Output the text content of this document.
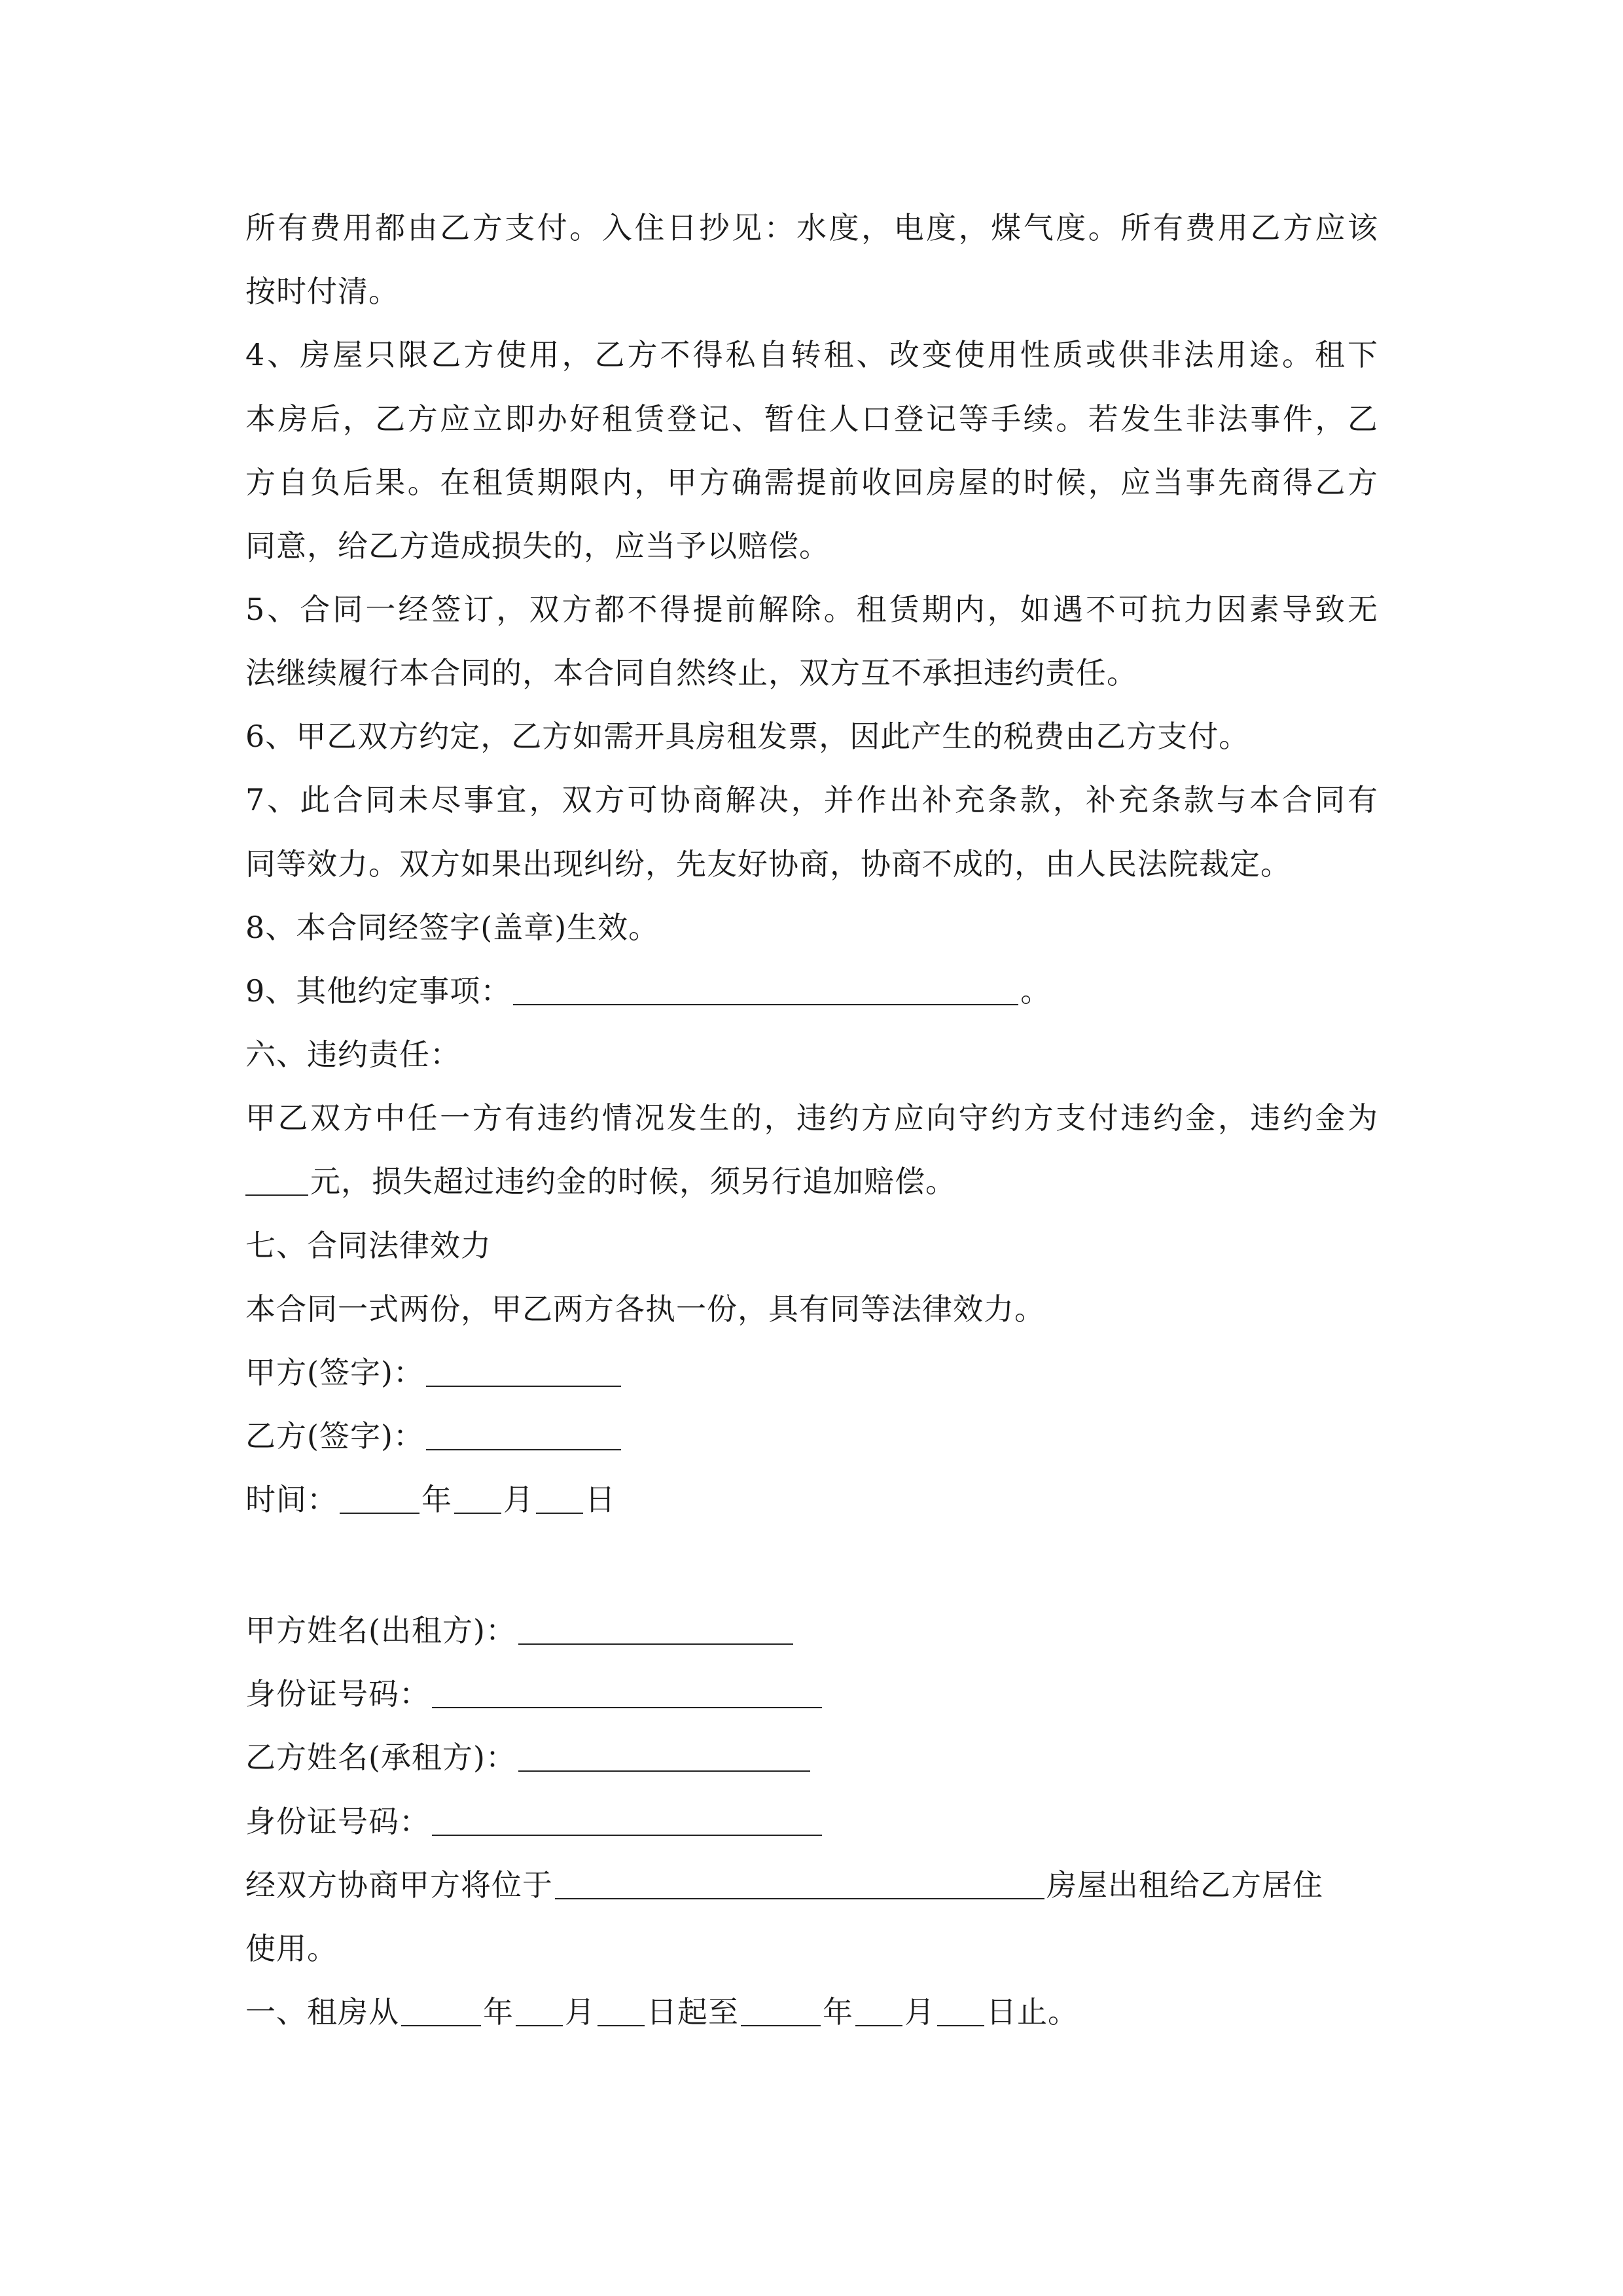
所有费用都由乙方支付。入住日抄见：水度，电度，煤气度。所有费用乙方应该
按时付清。
4、房屋只限乙方使用，乙方不得私自转租、改变使用性质或供非法用途。租下
本房后，乙方应立即办好租赁登记、暂住人口登记等手续。若发生非法事件，乙
方自负后果。在租赁期限内，甲方确需提前收回房屋的时候，应当事先商得乙方
同意，给乙方造成损失的，应当予以赔偿。
5、合同一经签订，双方都不得提前解除。租赁期内，如遇不可抗力因素导致无
法继续履行本合同的，本合同自然终止，双方互不承担违约责任。
6、甲乙双方约定，乙方如需开具房租发票，因此产生的税费由乙方支付。
7、此合同未尽事宜，双方可协商解决，并作出补充条款，补充条款与本合同有
同等效力。双方如果出现纠纷，先友好协商，协商不成的，由人民法院裁定。
8、本合同经签字(盖章)生效。
9、其他约定事项：	。
六、违约责任：
甲乙双方中任一方有违约情况发生的，违约方应向守约方支付违约金，违约金为
元，损失超过违约金的时候，须另行追加赔偿。
七、合同法律效力
本合同一式两份，甲乙两方各执一份，具有同等法律效力。
甲方(签字)：
乙方(签字)：
时间：	年 月 日
甲方姓名(出租方)：
身份证号码：
乙方姓名(承租方)：
身份证号码：
经双方协商甲方将位于	房屋出租给乙方居住
使用。
一、租房从	年 月 日起至	年 月 日止。
